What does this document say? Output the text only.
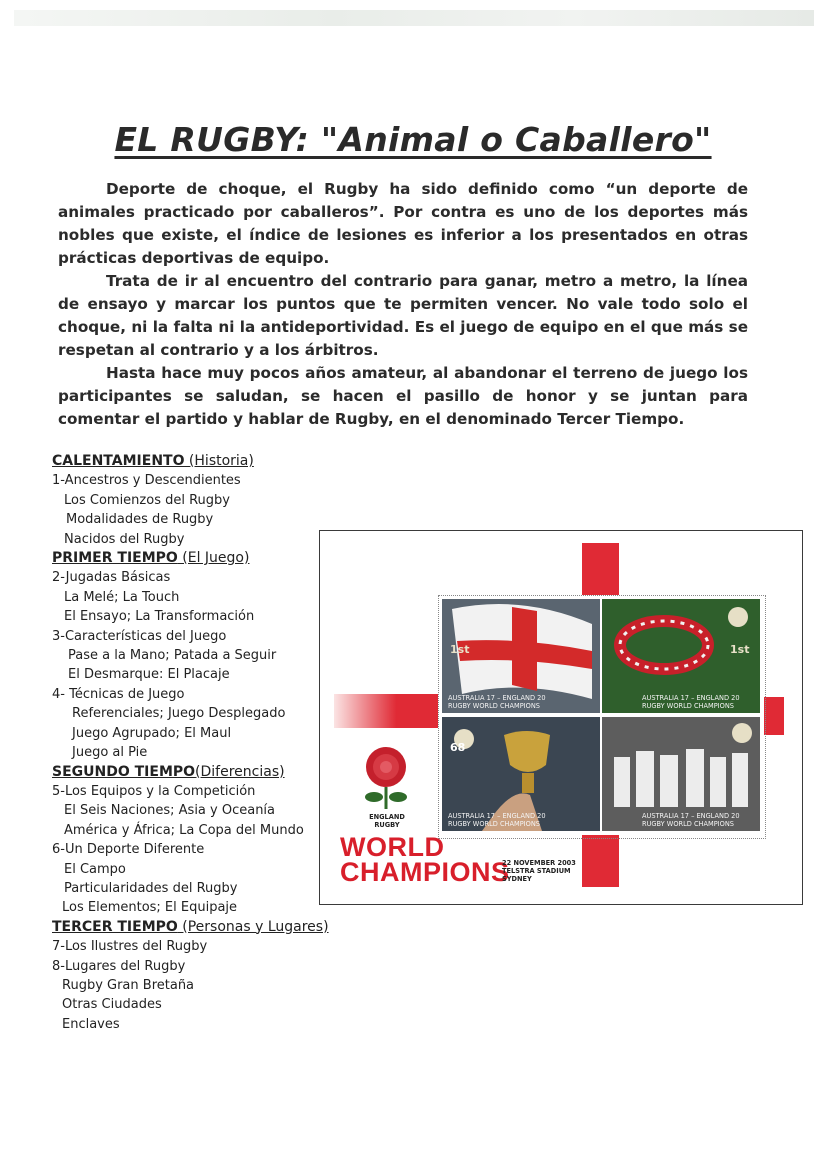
EL RUGBY: "Animal o Caballero"

Deporte de choque, el Rugby ha sido definido como “un deporte de animales practicado por caballeros”. Por contra es uno de los deportes más nobles que existe, el índice de lesiones es inferior a los presentados en otras prácticas deportivas de equipo.

Trata de ir al encuentro del contrario para ganar, metro a metro, la línea de ensayo y marcar los puntos que te permiten vencer. No vale todo solo el choque, ni la falta ni la antideportividad. Es el juego de equipo en el que más se respetan al contrario y a los árbitros.

Hasta hace muy pocos años amateur, al abandonar el terreno de juego los participantes se saludan, se hacen el pasillo de honor y se juntan para comentar el partido y hablar de Rugby, en el denominado Tercer Tiempo.

CALENTAMIENTO (Historia)
1-Ancestros y Descendientes
Los Comienzos del Rugby
Modalidades de Rugby
Nacidos del Rugby
PRIMER TIEMPO (El Juego)
2-Jugadas Básicas
La Melé; La Touch
El Ensayo; La Transformación
3-Características del Juego
Pase a la Mano; Patada a Seguir
El Desmarque: El Placaje
4- Técnicas de Juego
Referenciales; Juego Desplegado
Juego Agrupado; El Maul
Juego al Pie
SEGUNDO TIEMPO(Diferencias)
5-Los Equipos y la Competición
El Seis Naciones; Asia y Oceanía
América y África; La Copa del Mundo
6-Un Deporte Diferente
El Campo
Particularidades del Rugby
Los Elementos; El Equipaje
TERCER TIEMPO (Personas y Lugares)
7-Los Ilustres del Rugby
8-Lugares del Rugby
Rugby Gran Bretaña
Otras Ciudades
Enclaves
1st
AUSTRALIA 17 – ENGLAND 20
RUGBY WORLD CHAMPIONS
1st
AUSTRALIA 17 – ENGLAND 20
RUGBY WORLD CHAMPIONS
68
AUSTRALIA 17 – ENGLAND 20
RUGBY WORLD CHAMPIONS
AUSTRALIA 17 – ENGLAND 20
RUGBY WORLD CHAMPIONS
ENGLAND
RUGBY
WORLD
CHAMPIONS
22 NOVEMBER 2003
TELSTRA STADIUM
SYDNEY
